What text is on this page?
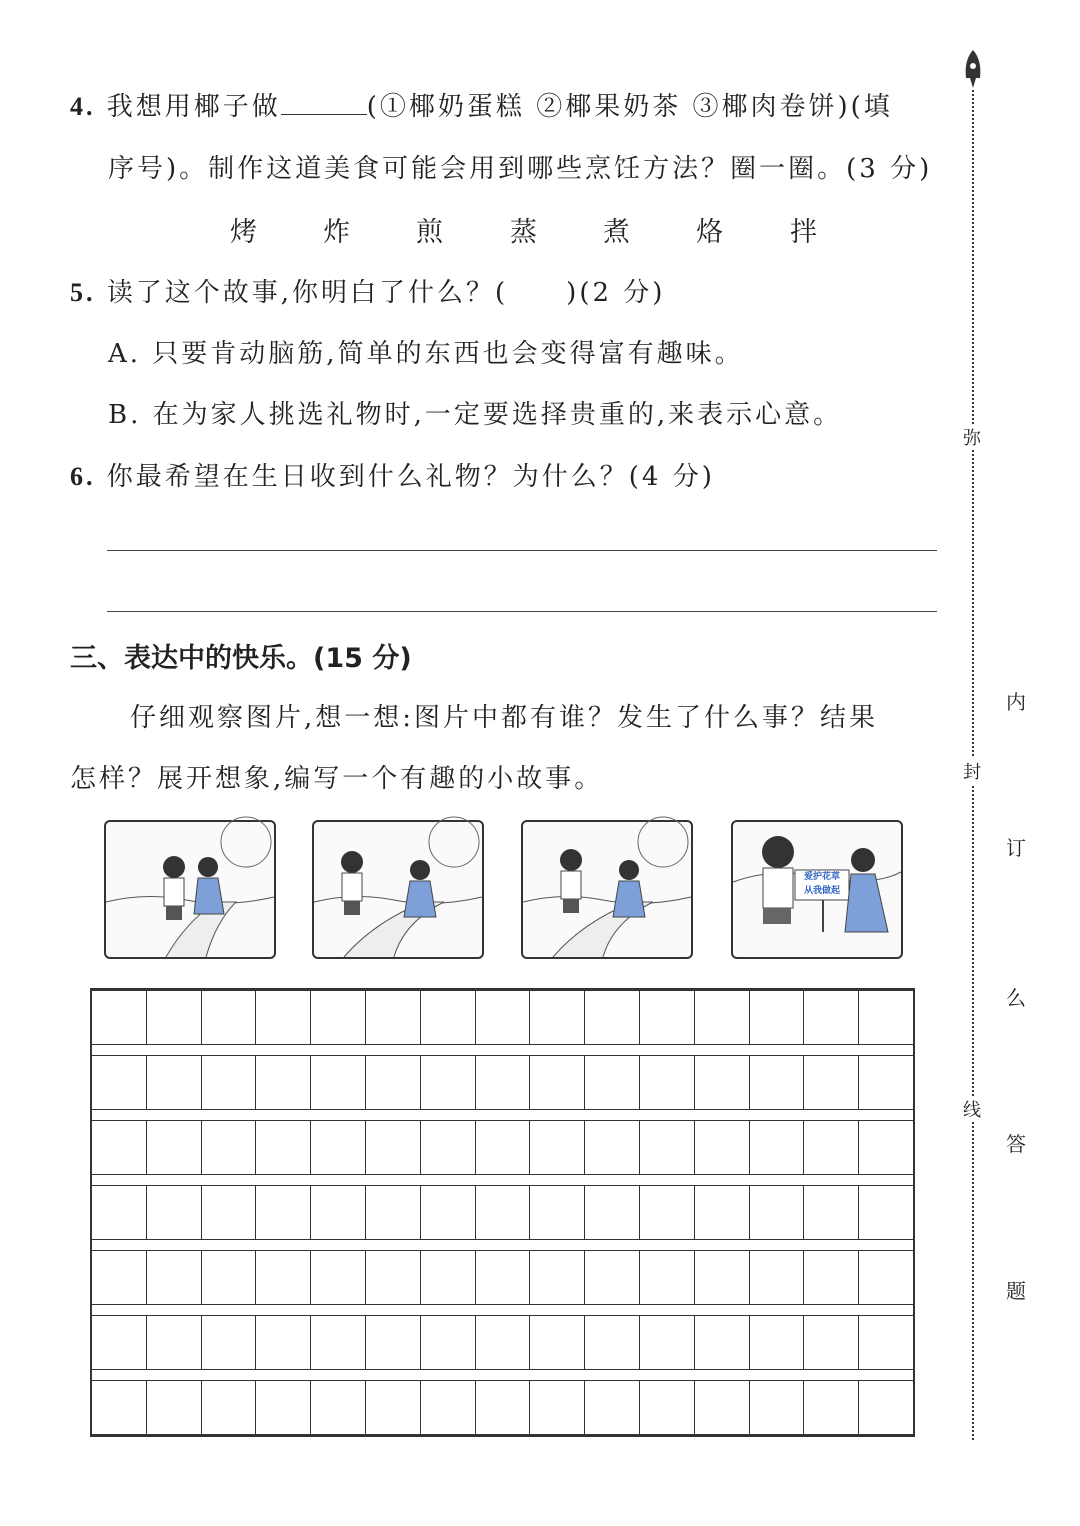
4. 我想用椰子做	(①椰奶蛋糕 ②椰果奶茶 ③椰肉卷饼)(填
序号)。制作这道美食可能会用到哪些烹饪方法？圈一圈。(3 分)
烤 炸 煎 蒸 煮 烙 拌
5. 读了这个故事,你明白了什么？(　　)(2 分)
A. 只要肯动脑筋,简单的东西也会变得富有趣味。
B. 在为家人挑选礼物时,一定要选择贵重的,来表示心意。
6. 你最希望在生日收到什么礼物？为什么？(4 分)
三、表达中的快乐。(15 分)
仔细观察图片,想一想:图片中都有谁？发生了什么事？结果
怎样？展开想象,编写一个有趣的小故事。
爱护花草
从我做起
弥
封
线
内
订
么
答
题
